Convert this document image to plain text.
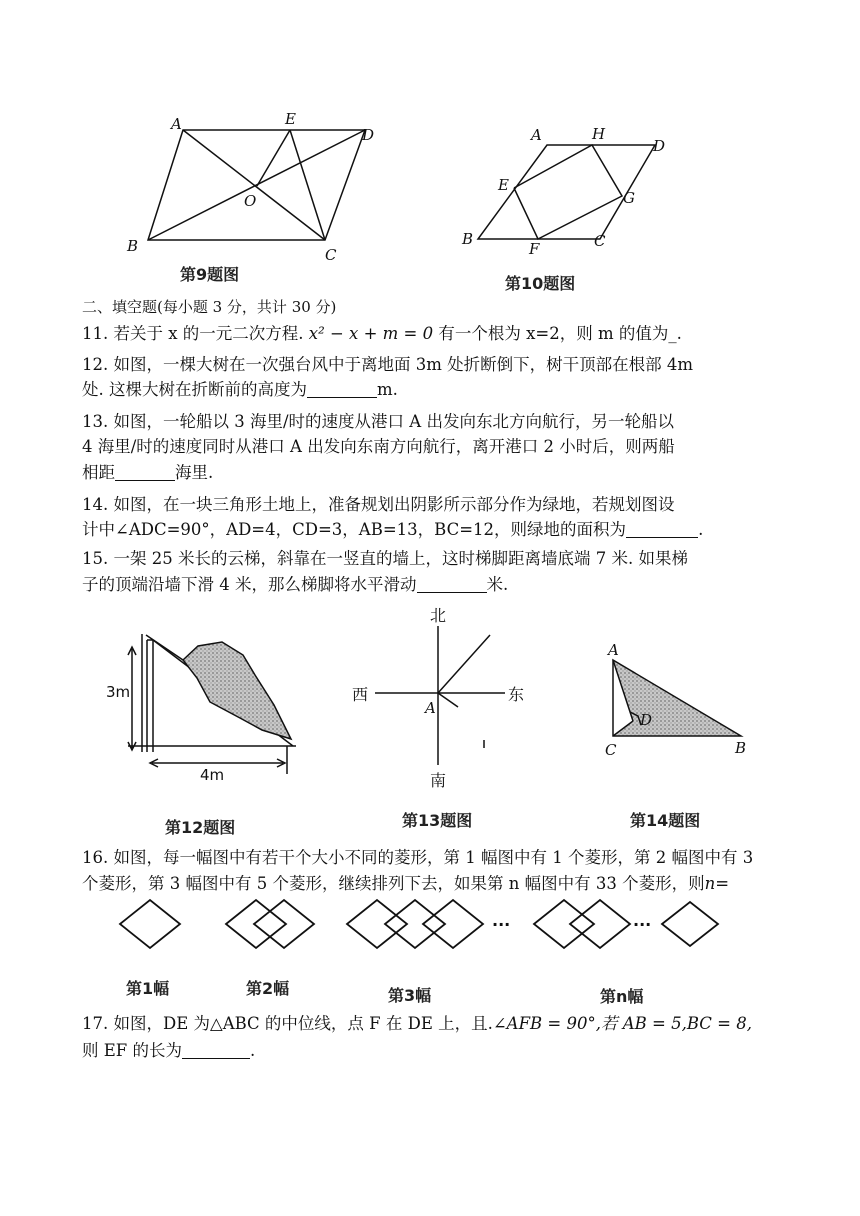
A	E
D
O
B	C
第9题图
A	H
D
E
G
B
F	C
第10题图
二、填空题(每小题 3 分，共计 30 分)
11. 若关于 x 的一元二次方程. x² − x + m = 0 有一个根为 x=2，则 m 的值为_.
12. 如图，一棵大树在一次强台风中于离地面 3m 处折断倒下，树干顶部在根部 4m
处. 这棵大树在折断前的高度为	m.
13. 如图，一轮船以 3 海里/时的速度从港口 A 出发向东北方向航行，另一轮船以
4 海里/时的速度同时从港口 A 出发向东南方向航行，离开港口 2 小时后，则两船
相距	海里.
14. 如图，在一块三角形土地上，准备规划出阴影所示部分作为绿地，若规划图设
计中∠ADC=90°，AD=4，CD=3，AB=13，BC=12，则绿地的面积为	.
15. 一架 25 米长的云梯，斜靠在一竖直的墙上，这时梯脚距离墙底端 7 米. 如果梯
子的顶端沿墙下滑 4 米，那么梯脚将水平滑动	米.
3m
4m
第12题图
北
南
西	东
A
第13题图
A
D
C	B
第14题图
16. 如图，每一幅图中有若干个大小不同的菱形，第 1 幅图中有 1 个菱形，第 2 幅图中有 3
个菱形，第 3 幅图中有 5 个菱形，继续排列下去，如果第 n 幅图中有 33 个菱形，则n=
···	···
第1幅	第2幅	第3幅	第n幅
17. 如图，DE 为△ABC 的中位线，点 F 在 DE 上，且.∠AFB = 90°,若 AB = 5,BC = 8,
则 EF 的长为	.
